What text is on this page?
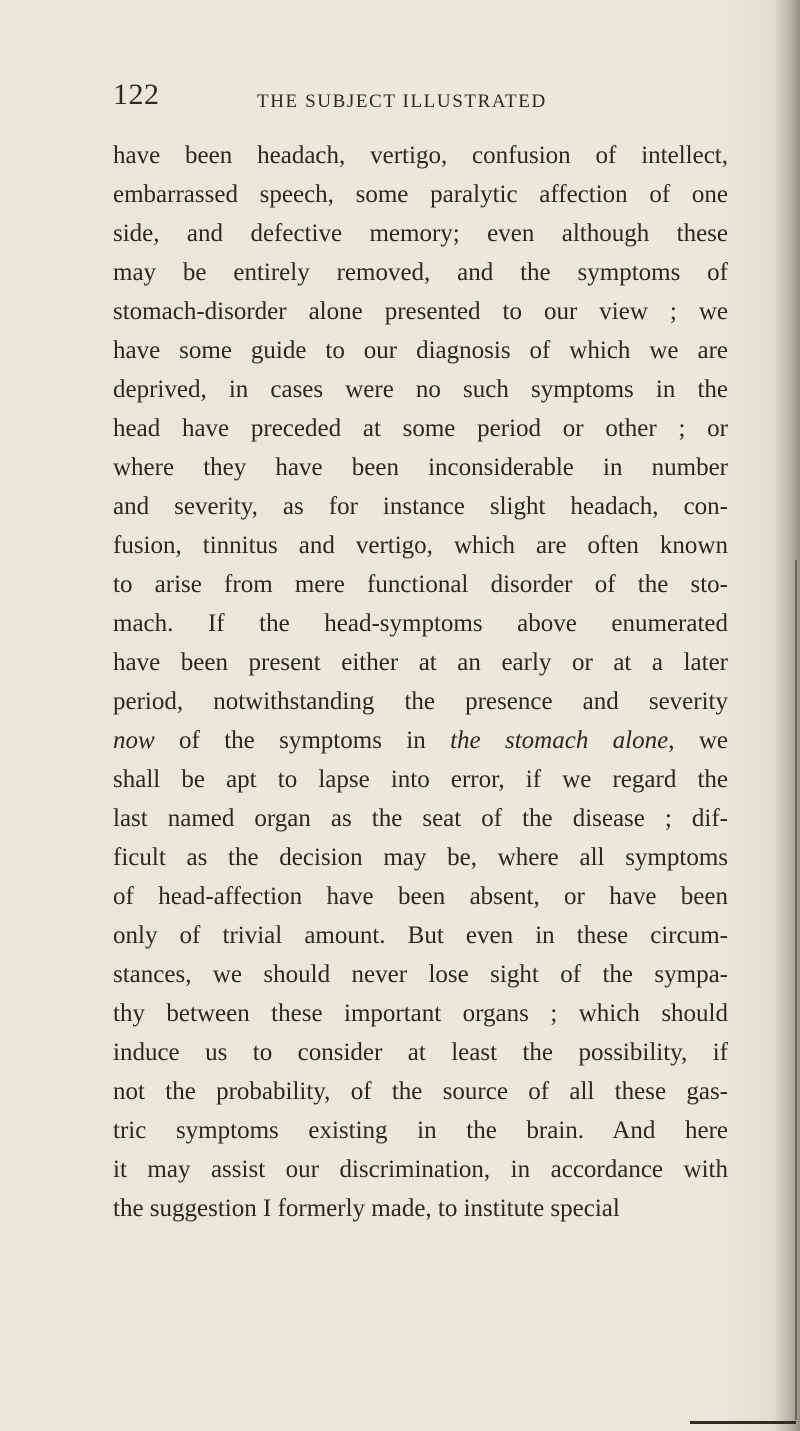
122	THE SUBJECT ILLUSTRATED
have been headach, vertigo, confusion of intellect,
embarrassed speech, some paralytic affection of one
side, and defective memory; even although these
may be entirely removed, and the symptoms of
stomach-disorder alone presented to our view ; we
have some guide to our diagnosis of which we are
deprived, in cases were no such symptoms in the
head have preceded at some period or other ; or
where they have been inconsiderable in number
and severity, as for instance slight headach, con-
fusion, tinnitus and vertigo, which are often known
to arise from mere functional disorder of the sto-
mach. If the head-symptoms above enumerated
have been present either at an early or at a later
period, notwithstanding the presence and severity
now of the symptoms in the stomach alone, we
shall be apt to lapse into error, if we regard the
last named organ as the seat of the disease ; dif-
ficult as the decision may be, where all symptoms
of head-affection have been absent, or have been
only of trivial amount. But even in these circum-
stances, we should never lose sight of the sympa-
thy between these important organs ; which should
induce us to consider at least the possibility, if
not the probability, of the source of all these gas-
tric symptoms existing in the brain. And here
it may assist our discrimination, in accordance with
the suggestion I formerly made, to institute special
